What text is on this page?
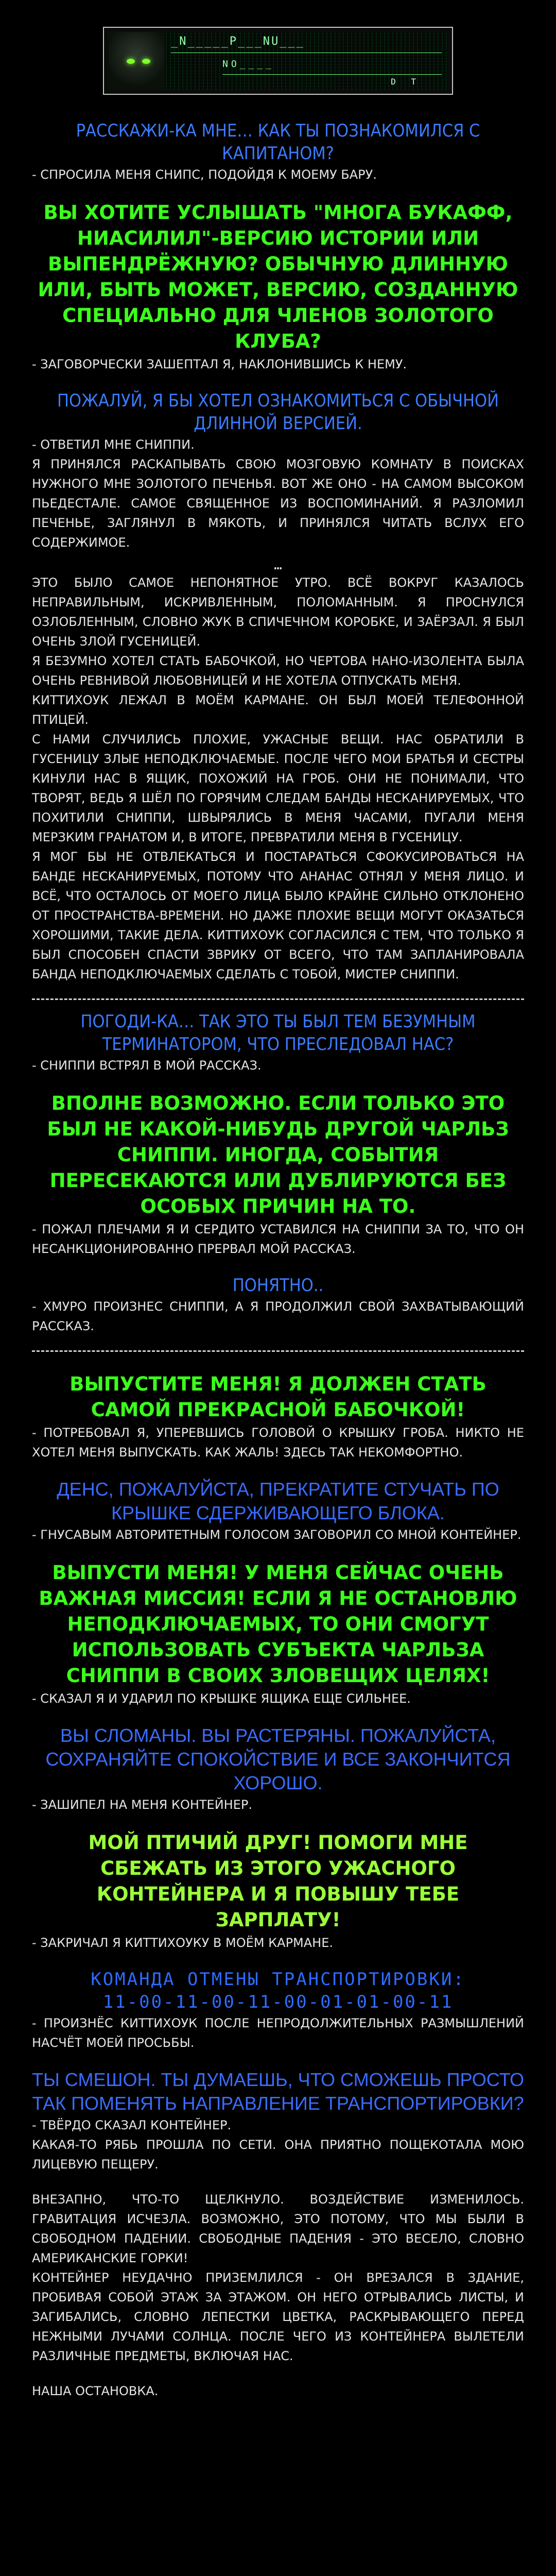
_N_____P___NU___
NO____
D T

РАССКАЖИ-КА МНЕ… КАК ТЫ ПОЗНАКОМИЛСЯ С КАПИТАНОМ?

- СПРОСИЛА МЕНЯ СНИПС, ПОДОЙДЯ К МОЕМУ БАРУ.

ВЫ ХОТИТЕ УСЛЫШАТЬ "МНОГА БУКАФФ, НИАСИЛИЛ"-ВЕРСИЮ ИСТОРИИ ИЛИ ВЫПЕНДРЁЖНУЮ? ОБЫЧНУЮ ДЛИННУЮ ИЛИ, БЫТЬ МОЖЕТ, ВЕРСИЮ, СОЗДАННУЮ СПЕЦИАЛЬНО ДЛЯ ЧЛЕНОВ ЗОЛОТОГО КЛУБА?

- ЗАГОВОРЧЕСКИ ЗАШЕПТАЛ Я, НАКЛОНИВШИСЬ К НЕМУ.

ПОЖАЛУЙ, Я БЫ ХОТЕЛ ОЗНАКОМИТЬСЯ С ОБЫЧНОЙ ДЛИННОЙ ВЕРСИЕЙ.

- ОТВЕТИЛ МНЕ СНИППИ.

Я ПРИНЯЛСЯ РАСКАПЫВАТЬ СВОЮ МОЗГОВУЮ КОМНАТУ В ПОИСКАХ НУЖНОГО МНЕ ЗОЛОТОГО ПЕЧЕНЬЯ. ВОТ ЖЕ ОНО - НА САМОМ ВЫСОКОМ ПЬЕДЕСТАЛЕ. САМОЕ СВЯЩЕННОЕ ИЗ ВОСПОМИНАНИЙ. Я РАЗЛОМИЛ ПЕЧЕНЬЕ, ЗАГЛЯНУЛ В МЯКОТЬ, И ПРИНЯЛСЯ ЧИТАТЬ ВСЛУХ ЕГО СОДЕРЖИМОЕ.

…

ЭТО БЫЛО САМОЕ НЕПОНЯТНОЕ УТРО. ВСЁ ВОКРУГ КАЗАЛОСЬ НЕПРАВИЛЬНЫМ, ИСКРИВЛЕННЫМ, ПОЛОМАННЫМ. Я ПРОСНУЛСЯ ОЗЛОБЛЕННЫМ, СЛОВНО ЖУК В СПИЧЕЧНОМ КОРОБКЕ, И ЗАЁРЗАЛ. Я БЫЛ ОЧЕНЬ ЗЛОЙ ГУСЕНИЦЕЙ.

Я БЕЗУМНО ХОТЕЛ СТАТЬ БАБОЧКОЙ, НО ЧЕРТОВА НАНО-ИЗОЛЕНТА БЫЛА ОЧЕНЬ РЕВНИВОЙ ЛЮБОВНИЦЕЙ И НЕ ХОТЕЛА ОТПУСКАТЬ МЕНЯ.

КИТТИХОУК ЛЕЖАЛ В МОЁМ КАРМАНЕ. ОН БЫЛ МОЕЙ ТЕЛЕФОННОЙ ПТИЦЕЙ.

С НАМИ СЛУЧИЛИСЬ ПЛОХИЕ, УЖАСНЫЕ ВЕЩИ. НАС ОБРАТИЛИ В ГУСЕНИЦУ ЗЛЫЕ НЕПОДКЛЮЧАЕМЫЕ. ПОСЛЕ ЧЕГО МОИ БРАТЬЯ И СЕСТРЫ КИНУЛИ НАС В ЯЩИК, ПОХОЖИЙ НА ГРОБ. ОНИ НЕ ПОНИМАЛИ, ЧТО ТВОРЯТ, ВЕДЬ Я ШЁЛ ПО ГОРЯЧИМ СЛЕДАМ БАНДЫ НЕСКАНИРУЕМЫХ, ЧТО ПОХИТИЛИ СНИППИ, ШВЫРЯЛИСЬ В МЕНЯ ЧАСАМИ, ПУГАЛИ МЕНЯ МЕРЗКИМ ГРАНАТОМ И, В ИТОГЕ, ПРЕВРАТИЛИ МЕНЯ В ГУСЕНИЦУ.

Я МОГ БЫ НЕ ОТВЛЕКАТЬСЯ И ПОСТАРАТЬСЯ СФОКУСИРОВАТЬСЯ НА БАНДЕ НЕСКАНИРУЕМЫХ, ПОТОМУ ЧТО АНАНАС ОТНЯЛ У МЕНЯ ЛИЦО. И ВСЁ, ЧТО ОСТАЛОСЬ ОТ МОЕГО ЛИЦА БЫЛО КРАЙНЕ СИЛЬНО ОТКЛОНЕНО ОТ ПРОСТРАНСТВА-ВРЕМЕНИ. НО ДАЖЕ ПЛОХИЕ ВЕЩИ МОГУТ ОКАЗАТЬСЯ ХОРОШИМИ, ТАКИЕ ДЕЛА. КИТТИХОУК СОГЛАСИЛСЯ С ТЕМ, ЧТО ТОЛЬКО Я БЫЛ СПОСОБЕН СПАСТИ ЗВРИКУ ОТ ВСЕГО, ЧТО ТАМ ЗАПЛАНИРОВАЛА БАНДА НЕПОДКЛЮЧАЕМЫХ СДЕЛАТЬ С ТОБОЙ, МИСТЕР СНИППИ.

ПОГОДИ-КА… ТАК ЭТО ТЫ БЫЛ ТЕМ БЕЗУМНЫМ ТЕРМИНАТОРОМ, ЧТО ПРЕСЛЕДОВАЛ НАС?

- СНИППИ ВСТРЯЛ В МОЙ РАССКАЗ.

ВПОЛНЕ ВОЗМОЖНО. ЕСЛИ ТОЛЬКО ЭТО БЫЛ НЕ КАКОЙ-НИБУДЬ ДРУГОЙ ЧАРЛЬЗ СНИППИ. ИНОГДА, СОБЫТИЯ ПЕРЕСЕКАЮТСЯ ИЛИ ДУБЛИРУЮТСЯ БЕЗ ОСОБЫХ ПРИЧИН НА ТО.

- ПОЖАЛ ПЛЕЧАМИ Я И СЕРДИТО УСТАВИЛСЯ НА СНИППИ ЗА ТО, ЧТО ОН НЕСАНКЦИОНИРОВАННО ПРЕРВАЛ МОЙ РАССКАЗ.

ПОНЯТНО..

- ХМУРО ПРОИЗНЕС СНИППИ, А Я ПРОДОЛЖИЛ СВОЙ ЗАХВАТЫВАЮЩИЙ РАССКАЗ.

ВЫПУСТИТЕ МЕНЯ! Я ДОЛЖЕН СТАТЬ САМОЙ ПРЕКРАСНОЙ БАБОЧКОЙ!

- ПОТРЕБОВАЛ Я, УПЕРЕВШИСЬ ГОЛОВОЙ О КРЫШКУ ГРОБА. НИКТО НЕ ХОТЕЛ МЕНЯ ВЫПУСКАТЬ. КАК ЖАЛЬ! ЗДЕСЬ ТАК НЕКОМФОРТНО.

ДЕНС, ПОЖАЛУЙСТА, ПРЕКРАТИТЕ СТУЧАТЬ ПО КРЫШКЕ СДЕРЖИВАЮЩЕГО БЛОКА.

- ГНУСАВЫМ АВТОРИТЕТНЫМ ГОЛОСОМ ЗАГОВОРИЛ СО МНОЙ КОНТЕЙНЕР.

ВЫПУСТИ МЕНЯ! У МЕНЯ СЕЙЧАС ОЧЕНЬ ВАЖНАЯ МИССИЯ! ЕСЛИ Я НЕ ОСТАНОВЛЮ НЕПОДКЛЮЧАЕМЫХ, ТО ОНИ СМОГУТ ИСПОЛЬЗОВАТЬ СУБЪЕКТА ЧАРЛЬЗА СНИППИ В СВОИХ ЗЛОВЕЩИХ ЦЕЛЯХ!

- СКАЗАЛ Я И УДАРИЛ ПО КРЫШКЕ ЯЩИКА ЕЩЕ СИЛЬНЕЕ.

ВЫ СЛОМАНЫ. ВЫ РАСТЕРЯНЫ. ПОЖАЛУЙСТА, СОХРАНЯЙТЕ СПОКОЙСТВИЕ И ВСЕ ЗАКОНЧИТСЯ ХОРОШО.

- ЗАШИПЕЛ НА МЕНЯ КОНТЕЙНЕР.

МОЙ ПТИЧИЙ ДРУГ! ПОМОГИ МНЕ СБЕЖАТЬ ИЗ ЭТОГО УЖАСНОГО КОНТЕЙНЕРА И Я ПОВЫШУ ТЕБЕ ЗАРПЛАТУ!

- ЗАКРИЧАЛ Я КИТТИХОУКУ В МОЁМ КАРМАНЕ.

КОМАНДА ОТМЕНЫ ТРАНСПОРТИРОВКИ:

11-00-11-00-11-00-01-01-00-11

- ПРОИЗНЁС КИТТИХОУК ПОСЛЕ НЕПРОДОЛЖИТЕЛЬНЫХ РАЗМЫШЛЕНИЙ НАСЧЁТ МОЕЙ ПРОСЬБЫ.

ТЫ СМЕШОН. ТЫ ДУМАЕШЬ, ЧТО СМОЖЕШЬ ПРОСТО ТАК ПОМЕНЯТЬ НАПРАВЛЕНИЕ ТРАНСПОРТИРОВКИ?

- ТВЁРДО СКАЗАЛ КОНТЕЙНЕР.

КАКАЯ-ТО РЯБЬ ПРОШЛА ПО СЕТИ. ОНА ПРИЯТНО ПОЩЕКОТАЛА МОЮ ЛИЦЕВУЮ ПЕЩЕРУ.

ВНЕЗАПНО, ЧТО-ТО ЩЕЛКНУЛО. ВОЗДЕЙСТВИЕ ИЗМЕНИЛОСЬ. ГРАВИТАЦИЯ ИСЧЕЗЛА. ВОЗМОЖНО, ЭТО ПОТОМУ, ЧТО МЫ БЫЛИ В СВОБОДНОМ ПАДЕНИИ. СВОБОДНЫЕ ПАДЕНИЯ - ЭТО ВЕСЕЛО, СЛОВНО АМЕРИКАНСКИЕ ГОРКИ!

КОНТЕЙНЕР НЕУДАЧНО ПРИЗЕМЛИЛСЯ - ОН ВРЕЗАЛСЯ В ЗДАНИЕ, ПРОБИВАЯ СОБОЙ ЭТАЖ ЗА ЭТАЖОМ. ОН НЕГО ОТРЫВАЛИСЬ ЛИСТЫ, И ЗАГИБАЛИСЬ, СЛОВНО ЛЕПЕСТКИ ЦВЕТКА, РАСКРЫВАЮЩЕГО ПЕРЕД НЕЖНЫМИ ЛУЧАМИ СОЛНЦА. ПОСЛЕ ЧЕГО ИЗ КОНТЕЙНЕРА ВЫЛЕТЕЛИ РАЗЛИЧНЫЕ ПРЕДМЕТЫ, ВКЛЮЧАЯ НАС.

НАША ОСТАНОВКА.
